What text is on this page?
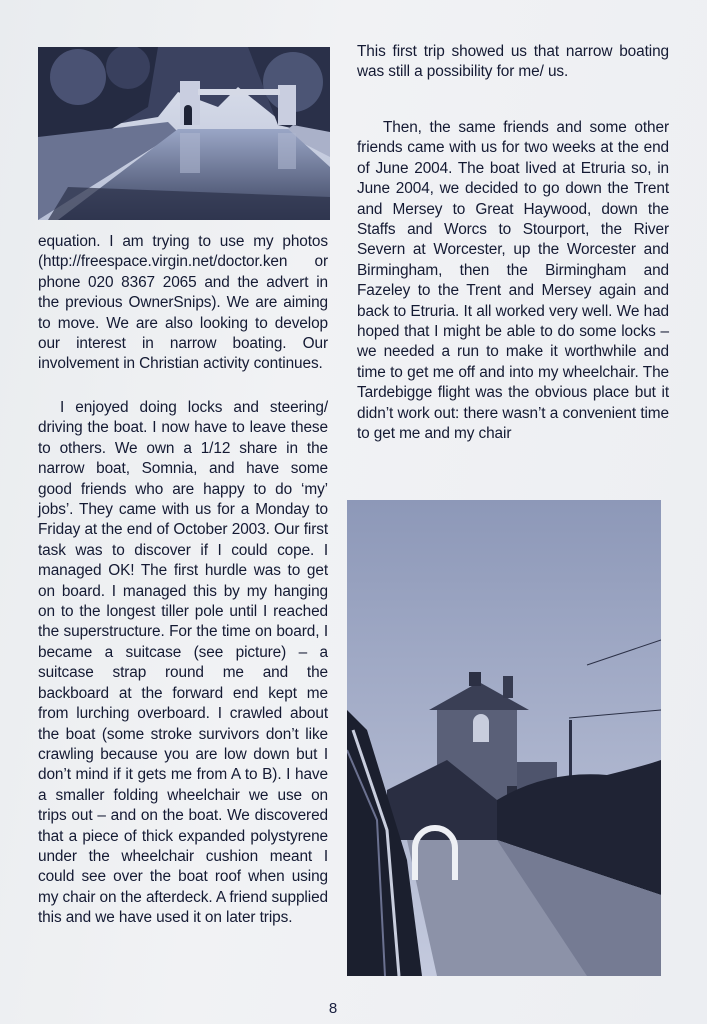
equation. I am trying to use my photos (http://freespace.virgin.net/doctor.ken or phone 020 8367 2065 and the advert in the previous OwnerSnips). We are aiming to move. We are also looking to develop our interest in narrow boating. Our involvement in Christian activity continues.

I enjoyed doing locks and steering/ driving the boat. I now have to leave these to others. We own a 1/12 share in the narrow boat, Somnia, and have some good friends who are happy to do ‘my’ jobs’. They came with us for a Monday to Friday at the end of October 2003. Our first task was to discover if I could cope. I managed OK! The first hurdle was to get on board. I managed this by my hanging on to the longest tiller pole until I reached the superstructure. For the time on board, I became a suitcase (see picture) – a suitcase strap round me and the backboard at the forward end kept me from lurching overboard. I crawled about the boat (some stroke survivors don’t like crawling because you are low down but I don’t mind if it gets me from A to B). I have a smaller folding wheelchair we use on trips out – and on the boat. We discovered that a piece of thick expanded polystyrene under the wheelchair cushion meant I could see over the boat roof when using my chair on the afterdeck. A friend supplied this and we have used it on later trips.

This first trip showed us that narrow boating was still a possibility for me/ us.

Then, the same friends and some other friends came with us for two weeks at the end of June 2004. The boat lived at Etruria so, in June 2004, we decided to go down the Trent and Mersey to Great Haywood, down the Staffs and Worcs to Stourport, the River Severn at Worcester, up the Worcester and Birmingham, then the Birmingham and Fazeley to the Trent and Mersey again and back to Etruria. It all worked very well. We had hoped that I might be able to do some locks – we needed a run to make it worthwhile and time to get me off and into my wheelchair. The Tardebigge flight was the obvious place but it didn’t work out: there wasn’t a convenient time to get me and my chair

8
